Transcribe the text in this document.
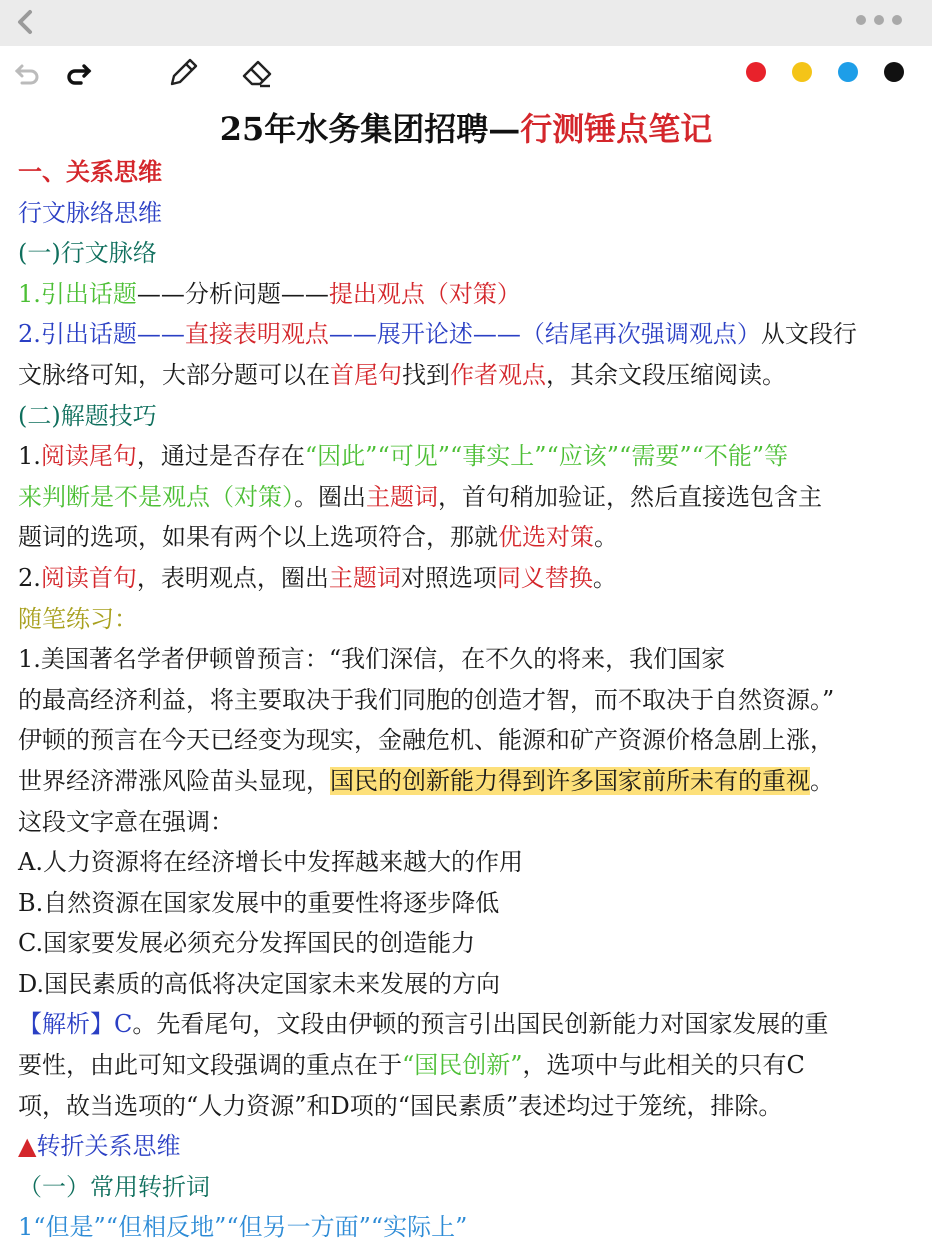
25年水务集团招聘—行测锤点笔记
一、关系思维
行文脉络思维
(一)行文脉络
1.引出话题——分析问题——提出观点（对策）
2.引出话题——直接表明观点——展开论述——（结尾再次强调观点）从文段行
文脉络可知，大部分题可以在首尾句找到作者观点，其余文段压缩阅读。
(二)解题技巧
1.阅读尾句，通过是否存在“因此”“可见”“事实上”“应该”“需要”“不能”等
来判断是不是观点（对策）。圈出主题词，首句稍加验证，然后直接选包含主
题词的选项，如果有两个以上选项符合，那就优选对策。
2.阅读首句，表明观点，圈出主题词对照选项同义替换。
随笔练习：
1.美国著名学者伊顿曾预言：“我们深信，在不久的将来，我们国家
的最高经济利益，将主要取决于我们同胞的创造才智，而不取决于自然资源。”
伊顿的预言在今天已经变为现实，金融危机、能源和矿产资源价格急剧上涨，
世界经济滞涨风险苗头显现，国民的创新能力得到许多国家前所未有的重视。
这段文字意在强调：
A.人力资源将在经济增长中发挥越来越大的作用
B.自然资源在国家发展中的重要性将逐步降低
C.国家要发展必须充分发挥国民的创造能力
D.国民素质的高低将决定国家未来发展的方向
【解析】C。先看尾句，文段由伊顿的预言引出国民创新能力对国家发展的重
要性，由此可知文段强调的重点在于“国民创新”，选项中与此相关的只有C
项，故当选项的“人力资源”和D项的“国民素质”表述均过于笼统，排除。
▲转折关系思维
（一）常用转折词
1“但是”“但相反地”“但另一方面”“实际上”
